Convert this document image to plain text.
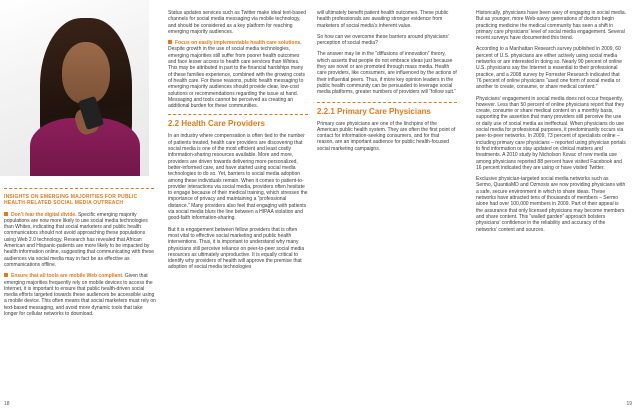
INSIGHTS ON EMERGING MAJORITIES FOR PUBLIC HEALTH-RELATED SOCIAL MEDIA OUTREACH

Don’t fear the digital divide. Specific emerging majority populations are now more likely to use social media technologies than Whites, indicating that social marketers and public health communicators should not avoid approaching these populations using Web 2.0 technology. Research has revealed that African American and Hispanic-patients are more likely to be impacted by health information online, suggesting that communicating with these audiences via social media may in fact be as effective as communications offline.

Ensure that all tools are mobile Web compliant. Given that emerging majorities frequently rely on mobile devices to access the Internet, it is important to ensure that public health-driven social media efforts targeted towards these audiences be accessible using a mobile device. This often means that social marketers must rely on text-based messaging, and avoid more dynamic tools that take longer for cellular networks to download.

Status updates services such as Twitter make ideal text-based channels for social media messaging via mobile technology, and should be considered as a key platform for reaching emerging majority audiences.

Focus on easily implementable health care solutions. Despite growth in the use of social media technologies, emerging majorities still suffer from poorer health outcomes and face lesser access to health care services than Whites. This may be attributed in part to the financial hardships many of these families experience, combined with the growing costs of health care. For these reasons, public health messaging to emerging majority audiences should provide clear, low-cost solutions or recommendations regarding the issue at hand. Messaging and tools cannot be perceived as creating an additional burden for these communities.

2.2 Health Care Providers

In an industry where compensation is often tied to the number of patients treated, health care providers are discovering that social media is one of the most efficient and least costly information-sharing resources available. More and more, providers are driven towards delivering more personalized, better-informed care, and have started using social media technologies to do so. Yet, barriers to social media adoption among these individuals remain. When it comes to patient-to-provider interactions via social media, providers often hesitate to engage because of their medical training, which stresses the importance of privacy and maintaining a “professional distance.” Many providers also feel that engaging with patients via social media blurs the line between a HIPAA violation and good-faith information-sharing.

But it is engagement between fellow providers that is often most vital to effective social marketing and public health interventions. Thus, it is important to understand why many physicians still perceive reliance on peer-to-peer social media resources as ultimately unproductive. It is equally critical to identify why providers of health will approve the premise that adoption of social media technologies

will ultimately benefit patient health outcomes. These public health professionals are awaiting stronger evidence from marketers of social media’s inherent value.

So how can we overcome these barriers around physicians’ perception of social media?

The answer may lie in the “diffusions of innovation” theory, which asserts that people do not embrace ideas just because they are novel or are promoted through mass media. Health care providers, like consumers, are influenced by the actions of their influential peers. Thus, if more key opinion leaders in the public health community can be persuaded to leverage social media platforms, greater numbers of providers will “follow suit.”

2.2.1 Primary Care Physicians

Primary care physicians are one of the linchpins of the American public health system. They are often the first point of contact for information-seeking consumers, and for that reason, are an important audience for public health-focused social marketing campaigns.

Historically, physicians have been wary of engaging in social media. But as younger, more Web-savvy generations of doctors begin practicing medicine the medical community has seen a shift in primary care physicians’ level of social media engagement. Several recent surveys have documented this trend.

According to a Manhattan Research survey published in 2009, 60 percent of U.S. physicians are either actively using social media networks or are interested in doing so. Nearly 90 percent of online U.S. physicians say the Internet is essential to their professional practice, and a 2008 survey by Forrester Research indicated that 76 percent of online physicians “used one form of social media or another to create, consume, or share medical content.”

Physicians’ engagement in social media does not occur frequently, however. Less than 50 percent of online physicians report that they create, consume or share medical content on a monthly basis, supporting the assertion that many providers still perceive the use or daily use of social media as ineffectual. When physicians do use social media for professional purposes, it predominantly occurs via peer-to-peer networks. In 2009, 73 percent of specialists online – including primary care physicians – reported using physician portals to find information or stay updated on clinical matters and treatments. A 2010 study by Nicholson Kovac of new media use among physicians reported 88 percent have visited Facebook and 16 percent indicated they are using or have visited Twitter.

Exclusive physician-targeted social media networks such as Sermo, QuantiaMD and Ozmosis are now providing physicians with a safe, secure environment in which to share ideas. These networks have attracted tens of thousands of members – Sermo alone had over 100,000 members in 2009. Part of their appeal is the assurance that only licensed physicians may become members and share content. This “walled garden” approach bolsters physicians’ confidence in the reliability and accuracy of the networks’ content and sources.

18	19
